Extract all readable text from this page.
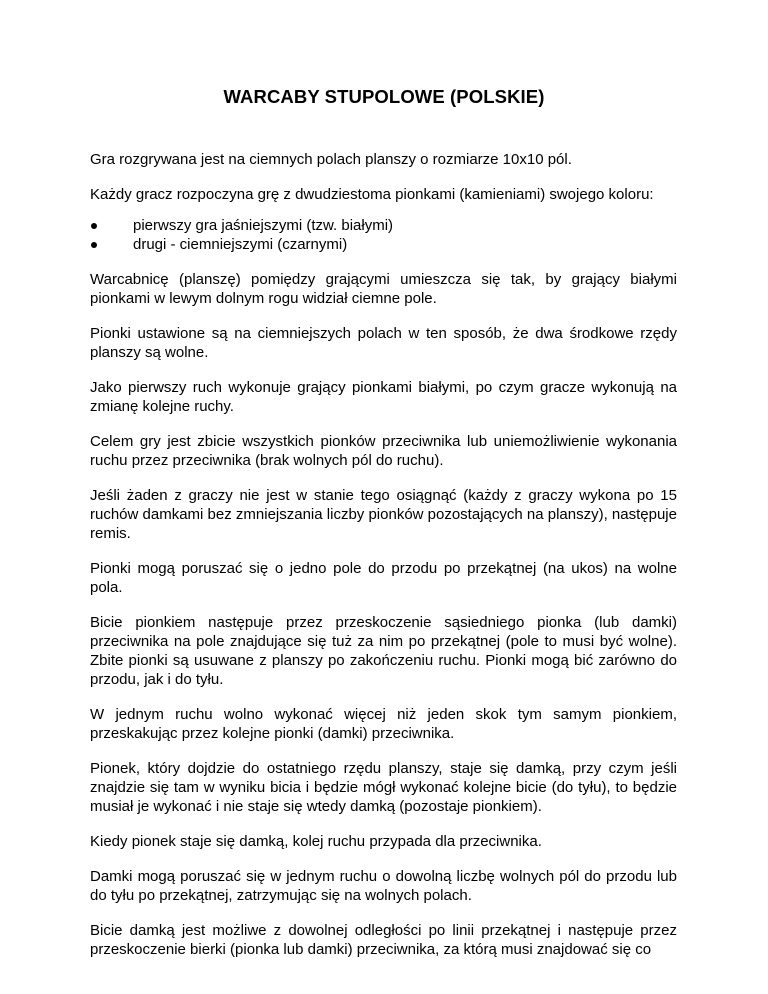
WARCABY STUPOLOWE (POLSKIE)

Gra rozgrywana jest na ciemnych polach planszy o rozmiarze 10x10 pól.

Każdy gracz rozpoczyna grę z dwudziestoma pionkami (kamieniami) swojego koloru:

pierwszy gra jaśniejszymi (tzw. białymi)
drugi - ciemniejszymi (czarnymi)

Warcabnicę (planszę) pomiędzy grającymi umieszcza się tak, by grający białymi pionkami w lewym dolnym rogu widział ciemne pole.

Pionki ustawione są na ciemniejszych polach w ten sposób, że dwa środkowe rzędy planszy są wolne.

Jako pierwszy ruch wykonuje grający pionkami białymi, po czym gracze wykonują na zmianę kolejne ruchy.

Celem gry jest zbicie wszystkich pionków przeciwnika lub uniemożliwienie wykonania ruchu przez przeciwnika (brak wolnych pól do ruchu).

Jeśli żaden z graczy nie jest w stanie tego osiągnąć (każdy z graczy wykona po 15 ruchów damkami bez zmniejszania liczby pionków pozostających na planszy), następuje remis.

Pionki mogą poruszać się o jedno pole do przodu po przekątnej (na ukos) na wolne pola.

Bicie pionkiem następuje przez przeskoczenie sąsiedniego pionka (lub damki) przeciwnika na pole znajdujące się tuż za nim po przekątnej (pole to musi być wolne). Zbite pionki są usuwane z planszy po zakończeniu ruchu. Pionki mogą bić zarówno do przodu, jak i do tyłu.

W jednym ruchu wolno wykonać więcej niż jeden skok tym samym pionkiem, przeskakując przez kolejne pionki (damki) przeciwnika.

Pionek, który dojdzie do ostatniego rzędu planszy, staje się damką, przy czym jeśli znajdzie się tam w wyniku bicia i będzie mógł wykonać kolejne bicie (do tyłu), to będzie musiał je wykonać i nie staje się wtedy damką (pozostaje pionkiem).

Kiedy pionek staje się damką, kolej ruchu przypada dla przeciwnika.

Damki mogą poruszać się w jednym ruchu o dowolną liczbę wolnych pól do przodu lub do tyłu po przekątnej, zatrzymując się na wolnych polach.

Bicie damką jest możliwe z dowolnej odległości po linii przekątnej i następuje przez przeskoczenie bierki (pionka lub damki) przeciwnika, za którą musi znajdować się co
